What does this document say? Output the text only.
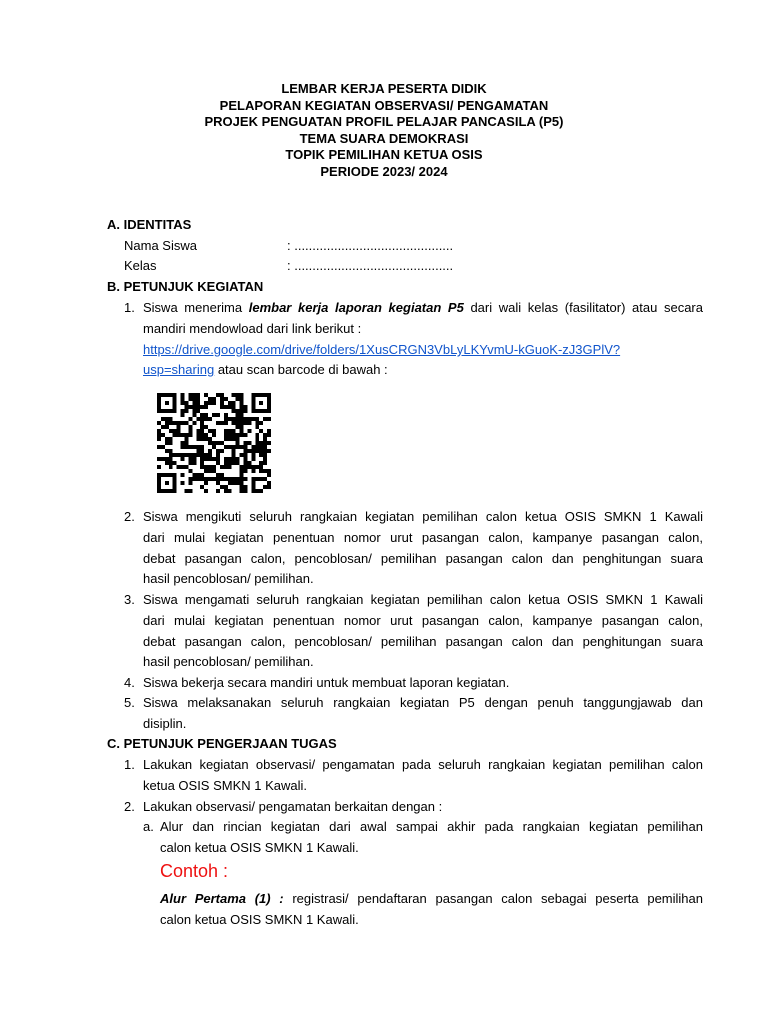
LEMBAR KERJA PESERTA DIDIK
PELAPORAN KEGIATAN OBSERVASI/ PENGAMATAN
PROJEK PENGUATAN PROFIL PELAJAR PANCASILA (P5)
TEMA SUARA DEMOKRASI
TOPIK PEMILIHAN KETUA OSIS
PERIODE 2023/ 2024
A. IDENTITAS
Nama Siswa	: ............................................
Kelas	: ............................................
B. PETUNJUK KEGIATAN
1. Siswa menerima lembar kerja laporan kegiatan P5 dari wali kelas (fasilitator) atau secara
mandiri mendowload dari link berikut :
https://drive.google.com/drive/folders/1XusCRGN3VbLyLKYvmU-kGuoK-zJ3GPlV?
usp=sharing atau scan barcode di bawah :
2. Siswa mengikuti seluruh rangkaian kegiatan pemilihan calon ketua OSIS SMKN 1 Kawali
dari mulai kegiatan penentuan nomor urut pasangan calon, kampanye pasangan calon,
debat pasangan calon, pencoblosan/ pemilihan pasangan calon dan penghitungan suara
hasil pencoblosan/ pemilihan.
3. Siswa mengamati seluruh rangkaian kegiatan pemilihan calon ketua OSIS SMKN 1 Kawali
dari mulai kegiatan penentuan nomor urut pasangan calon, kampanye pasangan calon,
debat pasangan calon, pencoblosan/ pemilihan pasangan calon dan penghitungan suara
hasil pencoblosan/ pemilihan.
4. Siswa bekerja secara mandiri untuk membuat laporan kegiatan.
5. Siswa melaksanakan seluruh rangkaian kegiatan P5 dengan penuh tanggungjawab dan
disiplin.
C. PETUNJUK PENGERJAAN TUGAS
1. Lakukan kegiatan observasi/ pengamatan pada seluruh rangkaian kegiatan pemilihan calon
ketua OSIS SMKN 1 Kawali.
2. Lakukan observasi/ pengamatan berkaitan dengan :
a. Alur dan rincian kegiatan dari awal sampai akhir pada rangkaian kegiatan pemilihan
calon ketua OSIS SMKN 1 Kawali.
Contoh :
Alur Pertama (1) : registrasi/ pendaftaran pasangan calon sebagai peserta pemilihan
calon ketua OSIS SMKN 1 Kawali.
